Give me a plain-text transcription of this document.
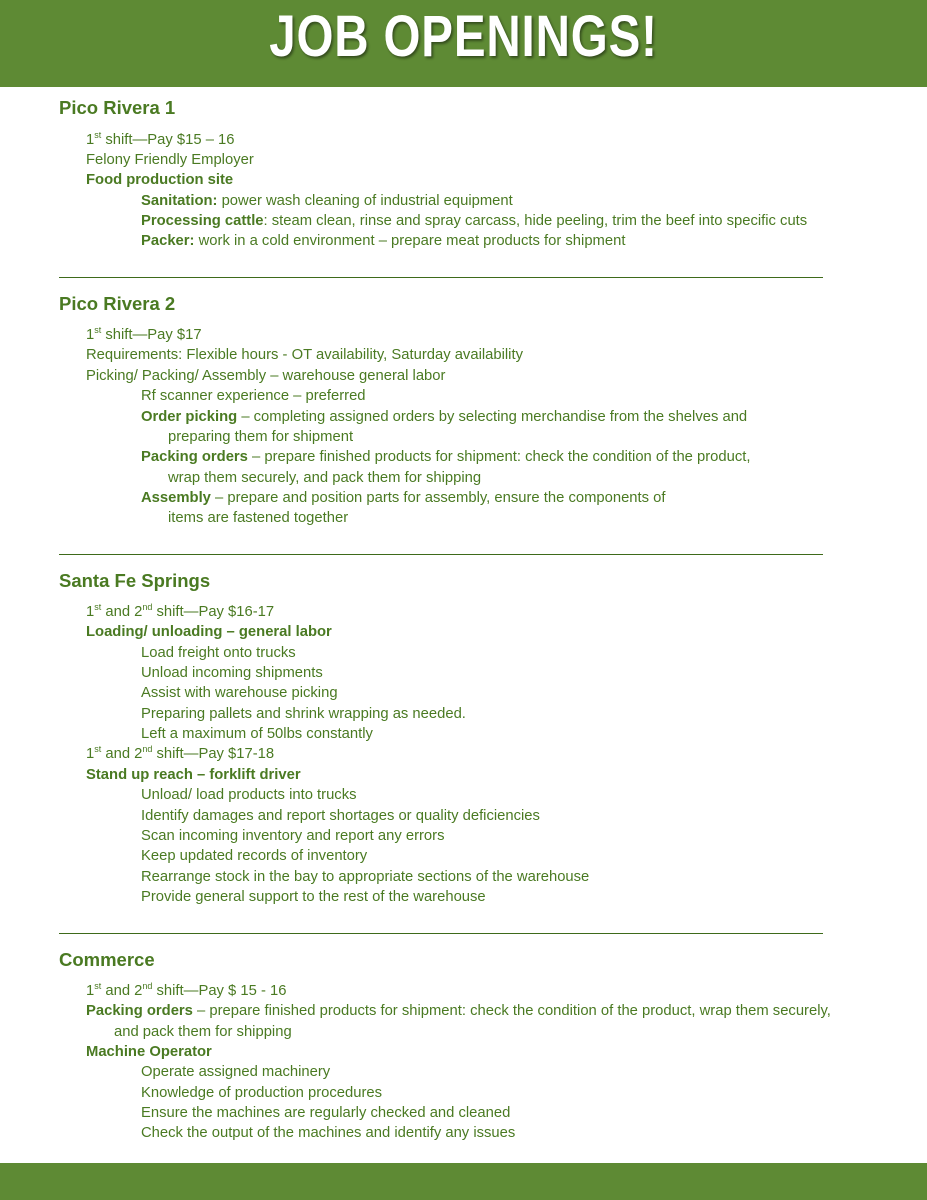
JOB OPENINGS!
Pico Rivera 1
1st shift—Pay $15 – 16
Felony Friendly Employer
Food production site
Sanitation: power wash cleaning of industrial equipment
Processing cattle: steam clean, rinse and spray carcass, hide peeling, trim the beef into specific cuts
Packer: work in a cold environment – prepare meat products for shipment
Pico Rivera 2
1st shift—Pay $17
Requirements: Flexible hours - OT availability, Saturday availability
Picking/ Packing/ Assembly – warehouse general labor
Rf scanner experience – preferred
Order picking – completing assigned orders by selecting merchandise from the shelves and
preparing them for shipment
Packing orders – prepare finished products for shipment: check the condition of the product,
wrap them securely, and pack them for shipping
Assembly – prepare and position parts for assembly, ensure the components of
items are fastened together
Santa Fe Springs
1st and 2nd shift—Pay $16-17
Loading/ unloading – general labor
Load freight onto trucks
Unload incoming shipments
Assist with warehouse picking
Preparing pallets and shrink wrapping as needed.
Left a maximum of 50lbs constantly
1st and 2nd shift—Pay $17-18
Stand up reach – forklift driver
Unload/ load products into trucks
Identify damages and report shortages or quality deficiencies
Scan incoming inventory and report any errors
Keep updated records of inventory
Rearrange stock in the bay to appropriate sections of the warehouse
Provide general support to the rest of the warehouse
Commerce
1st and 2nd shift—Pay $ 15 - 16
Packing orders – prepare finished products for shipment: check the condition of the product, wrap them securely,
and pack them for shipping
Machine Operator
Operate assigned machinery
Knowledge of production procedures
Ensure the machines are regularly checked and cleaned
Check the output of the machines and identify any issues
